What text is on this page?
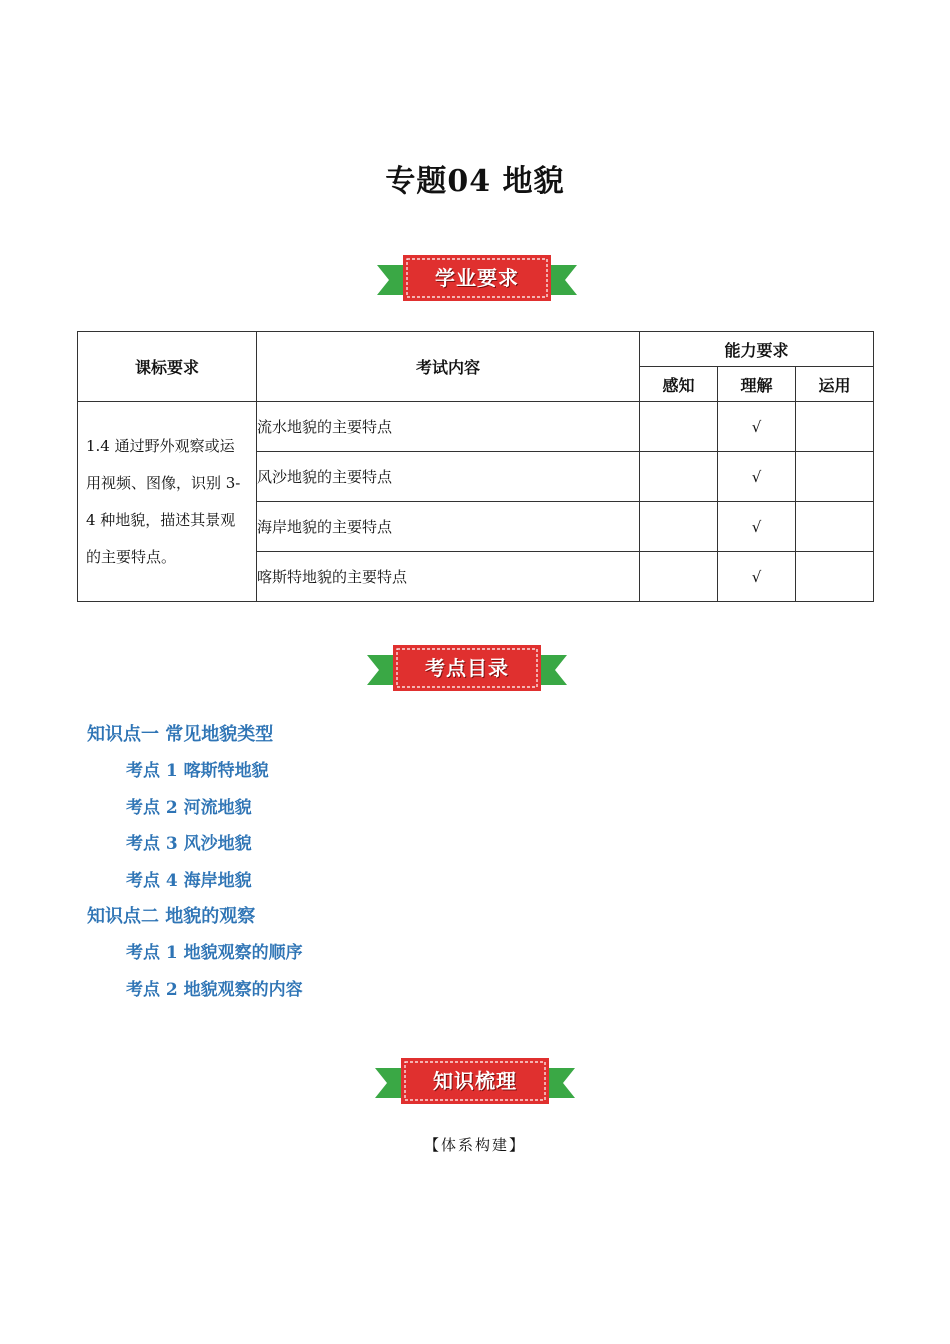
专题04 地貌
学业要求
课标要求	考试内容	能力要求		
		感知	理解	运用

1.4 通过野外观察或运用视频、图像，识别 3-4 种地貌，描述其景观的主要特点。	流水地貌的主要特点		√	
	风沙地貌的主要特点		√	
	海岸地貌的主要特点		√	
	喀斯特地貌的主要特点		√	
考点目录
知识点一 常见地貌类型
考点 1 喀斯特地貌
考点 2 河流地貌
考点 3 风沙地貌
考点 4 海岸地貌
知识点二 地貌的观察
考点 1 地貌观察的顺序
考点 2 地貌观察的内容
知识梳理
【体系构建】
